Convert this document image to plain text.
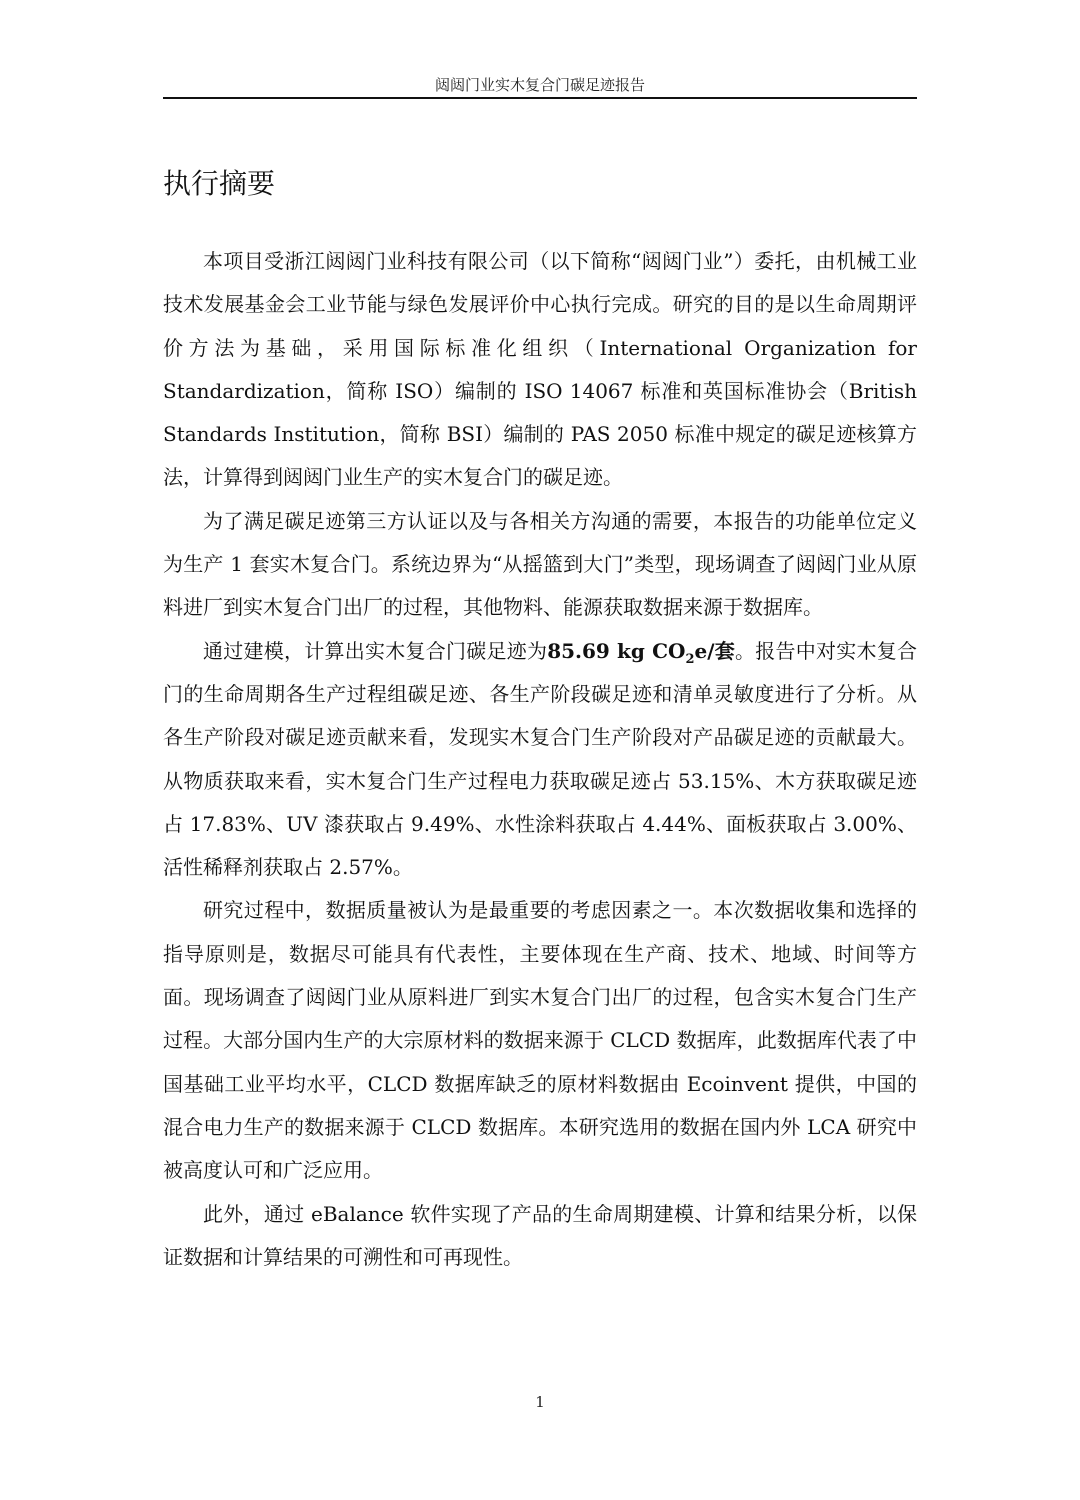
闼闼门业实木复合门碳足迹报告
执行摘要

本项目受浙江闼闼门业科技有限公司（以下简称“闼闼门业”）委托，由机械工业技术发展基金会工业节能与绿色发展评价中心执行完成。研究的目的是以生命周期评价方法为基础，采用国际标准化组织（International Organization for Standardization，简称 ISO）编制的 ISO 14067 标准和英国标准协会（British Standards Institution，简称 BSI）编制的 PAS 2050 标准中规定的碳足迹核算方法，计算得到闼闼门业生产的实木复合门的碳足迹。

为了满足碳足迹第三方认证以及与各相关方沟通的需要，本报告的功能单位定义为生产 1 套实木复合门。系统边界为“从摇篮到大门”类型，现场调查了闼闼门业从原料进厂到实木复合门出厂的过程，其他物料、能源获取数据来源于数据库。

通过建模，计算出实木复合门碳足迹为85.69 kg $CO_2e/$套。报告中对实木复合门的生命周期各生产过程组碳足迹、各生产阶段碳足迹和清单灵敏度进行了分析。从各生产阶段对碳足迹贡献来看，发现实木复合门生产阶段对产品碳足迹的贡献最大。从物质获取来看，实木复合门生产过程电力获取碳足迹占 53.15%、木方获取碳足迹占 17.83%、UV 漆获取占 9.49%、水性涂料获取占 4.44%、面板获取占 3.00%、活性稀释剂获取占 2.57%。

研究过程中，数据质量被认为是最重要的考虑因素之一。本次数据收集和选择的指导原则是，数据尽可能具有代表性，主要体现在生产商、技术、地域、时间等方面。现场调查了闼闼门业从原料进厂到实木复合门出厂的过程，包含实木复合门生产过程。大部分国内生产的大宗原材料的数据来源于 CLCD 数据库，此数据库代表了中国基础工业平均水平，CLCD 数据库缺乏的原材料数据由 Ecoinvent 提供，中国的混合电力生产的数据来源于 CLCD 数据库。本研究选用的数据在国内外 LCA 研究中被高度认可和广泛应用。

此外，通过 eBalance 软件实现了产品的生命周期建模、计算和结果分析，以保证数据和计算结果的可溯性和可再现性。

1
